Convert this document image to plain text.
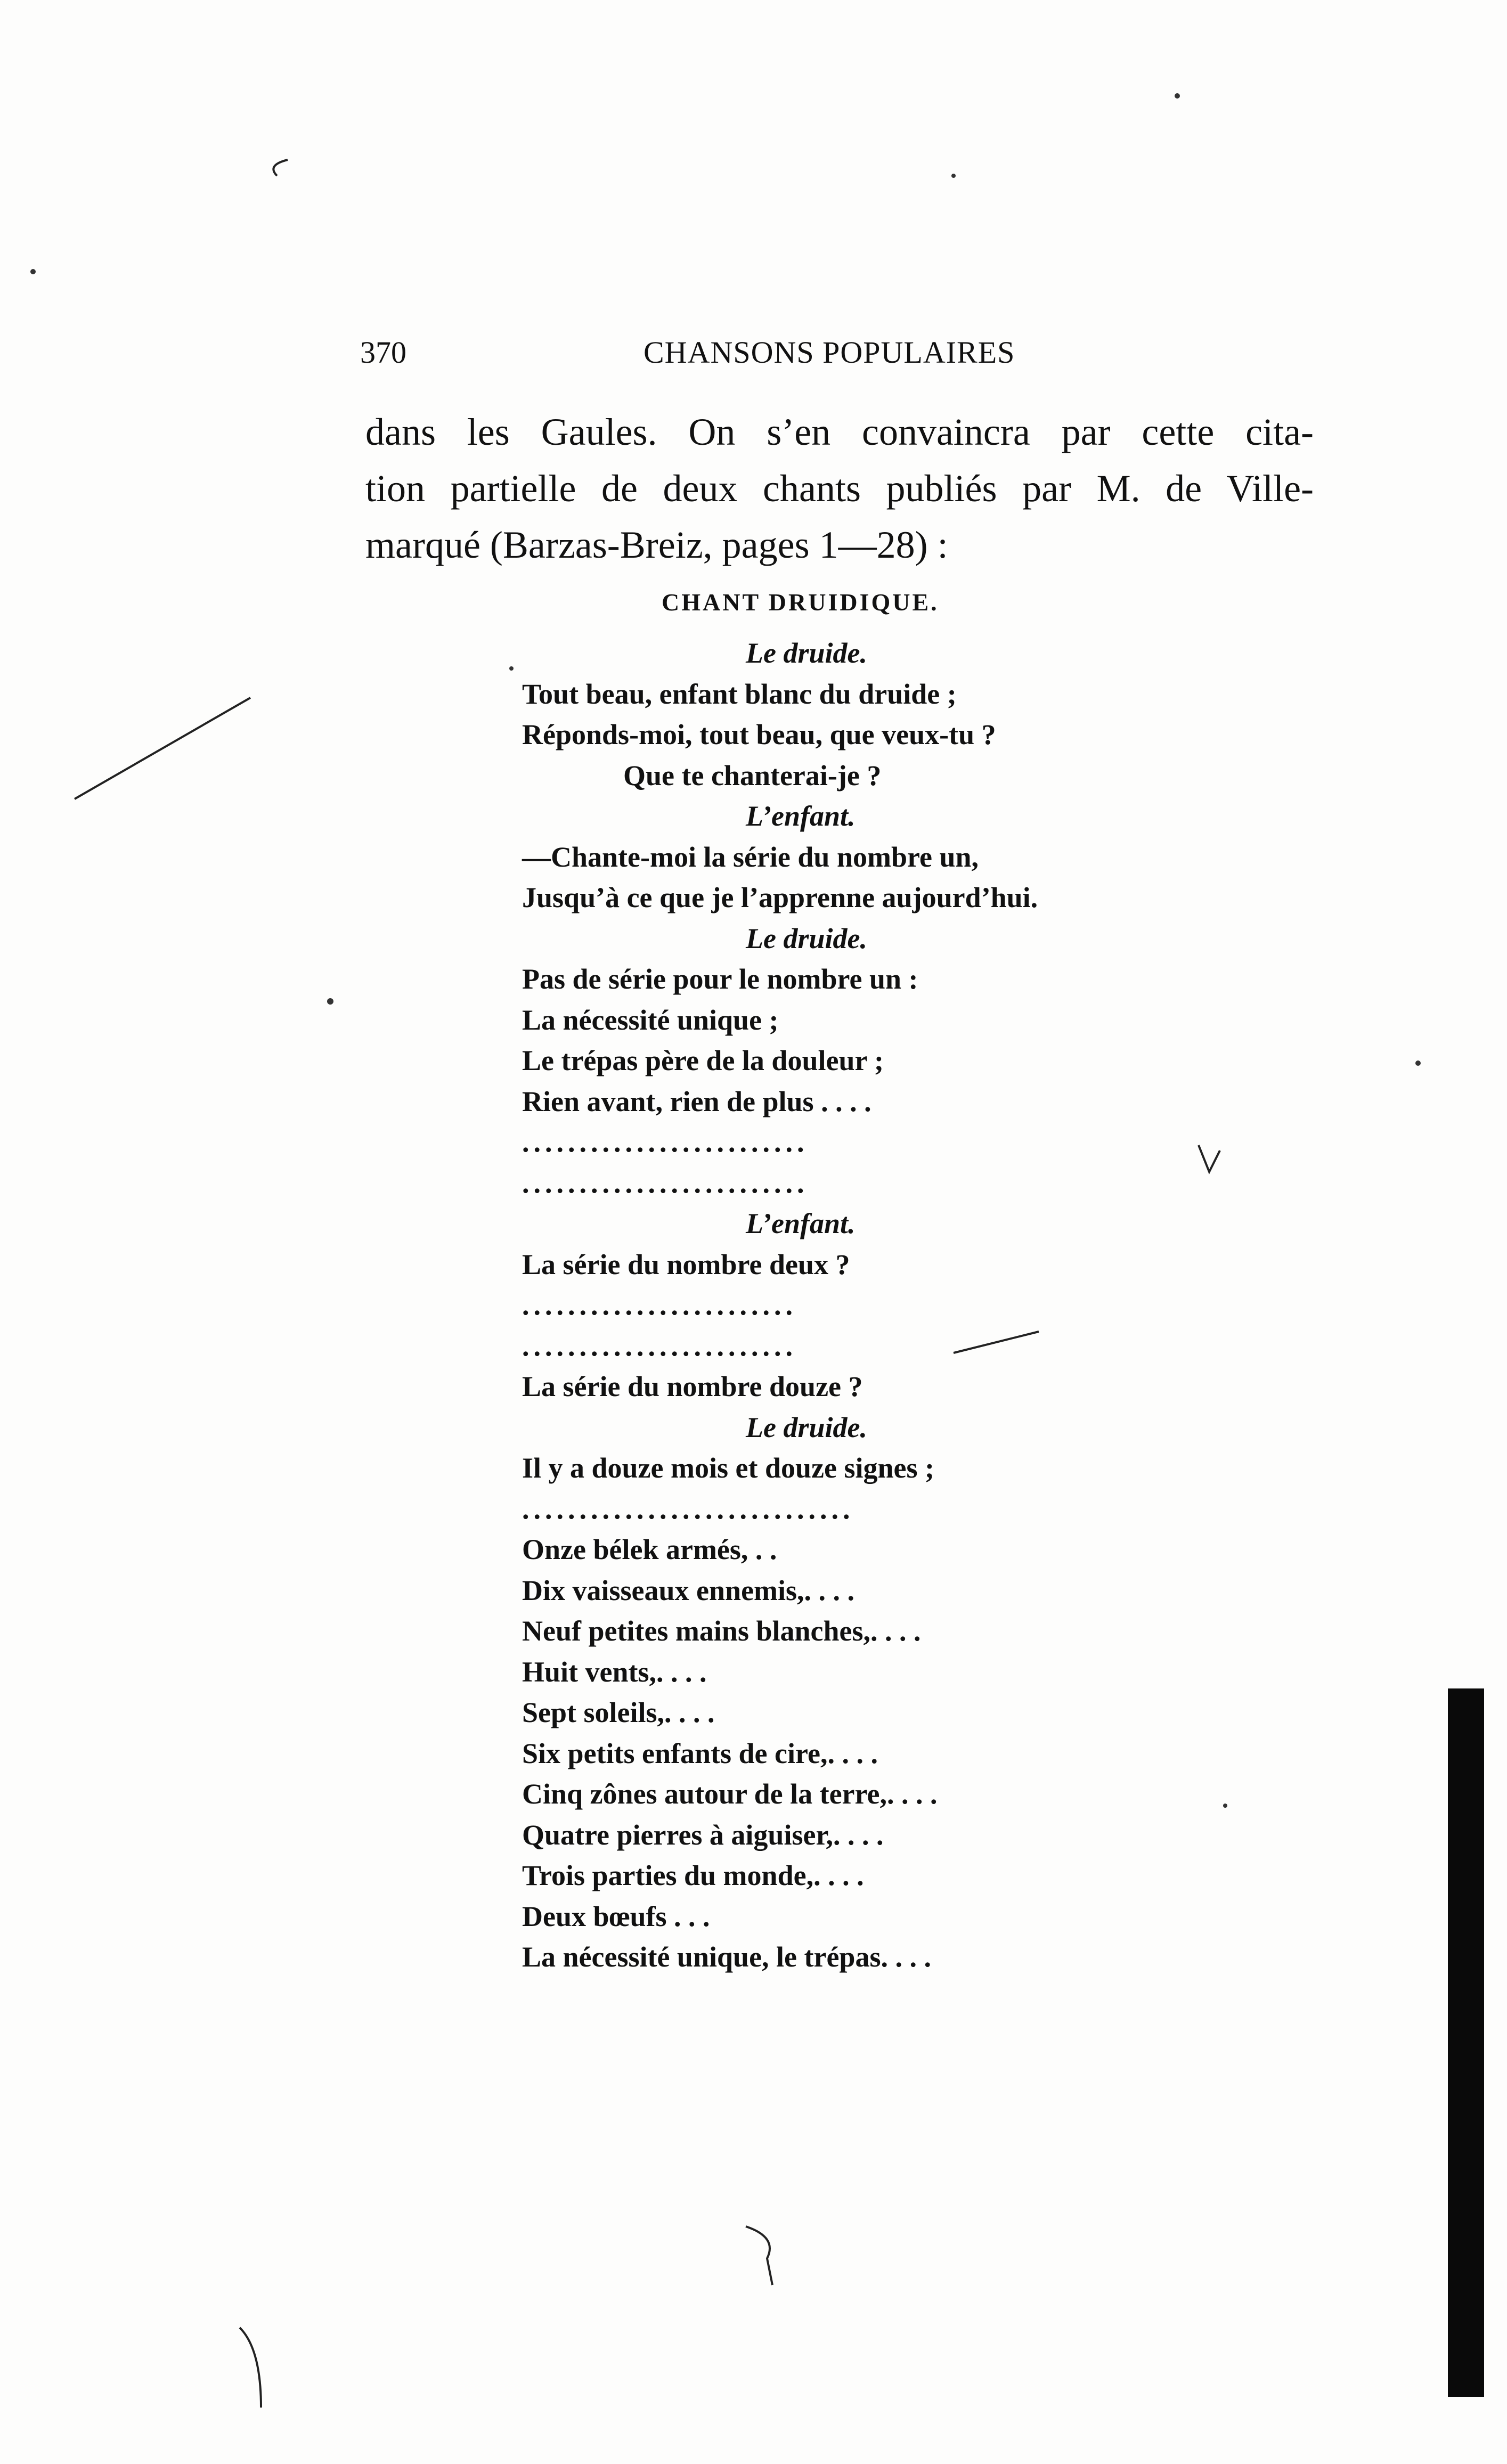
370	CHANSONS POPULAIRES

dans les Gaules. On s’en convaincra par cette cita-
tion partielle de deux chants publiés par M. de Ville-
marqué (Barzas-Breiz, pages 1—28) :

CHANT DRUIDIQUE.
Le druide.
Tout beau, enfant blanc du druide ;
Réponds-moi, tout beau, que veux-tu ?
Que te chanterai-je ?
L’enfant.
—Chante-moi la série du nombre un,
Jusqu’à ce que je l’apprenne aujourd’hui.
Le druide.
Pas de série pour le nombre un :
La nécessité unique ;
Le trépas père de la douleur ;
Rien avant, rien de plus . . . .
.........................
.........................
L’enfant.
La série du nombre deux ?
........................
........................
La série du nombre douze ?
Le druide.
Il y a douze mois et douze signes ;
.............................
Onze bélek armés, . .
Dix vaisseaux ennemis,. . . .
Neuf petites mains blanches,. . . .
Huit vents,. . . .
Sept soleils,. . . .
Six petits enfants de cire,. . . .
Cinq zônes autour de la terre,. . . .
Quatre pierres à aiguiser,. . . .
Trois parties du monde,. . . .
Deux bœufs . . .
La nécessité unique, le trépas. . . .
